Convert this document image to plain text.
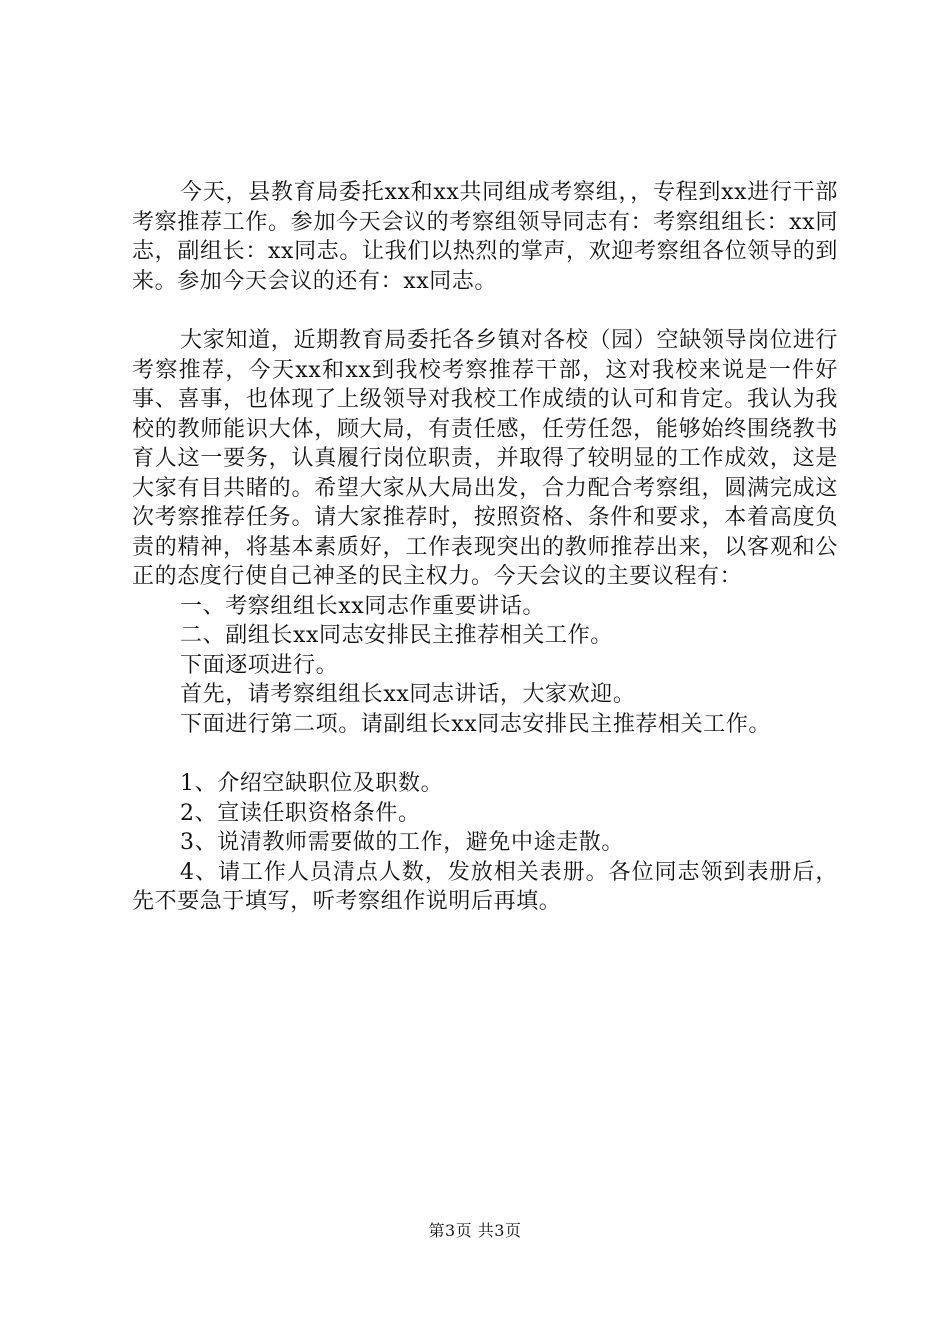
今天，县教育局委托xx和xx共同组成考察组，，专程到xx进行干部考察推荐工作。参加今天会议的考察组领导同志有：考察组组长：xx同志，副组长：xx同志。让我们以热烈的掌声，欢迎考察组各位领导的到来。参加今天会议的还有：xx同志。

大家知道，近期教育局委托各乡镇对各校（园）空缺领导岗位进行考察推荐，今天xx和xx到我校考察推荐干部，这对我校来说是一件好事、喜事，也体现了上级领导对我校工作成绩的认可和肯定。我认为我校的教师能识大体，顾大局，有责任感，任劳任怨，能够始终围绕教书育人这一要务，认真履行岗位职责，并取得了较明显的工作成效，这是大家有目共睹的。希望大家从大局出发，合力配合考察组，圆满完成这次考察推荐任务。请大家推荐时，按照资格、条件和要求，本着高度负责的精神，将基本素质好，工作表现突出的教师推荐出来，以客观和公正的态度行使自己神圣的民主权力。今天会议的主要议程有：

一、考察组组长xx同志作重要讲话。

二、副组长xx同志安排民主推荐相关工作。

下面逐项进行。

首先，请考察组组长xx同志讲话，大家欢迎。

下面进行第二项。请副组长xx同志安排民主推荐相关工作。

1、介绍空缺职位及职数。

2、宣读任职资格条件。

3、说清教师需要做的工作，避免中途走散。

4、请工作人员清点人数，发放相关表册。各位同志领到表册后，先不要急于填写，听考察组作说明后再填。

第3页 共3页
